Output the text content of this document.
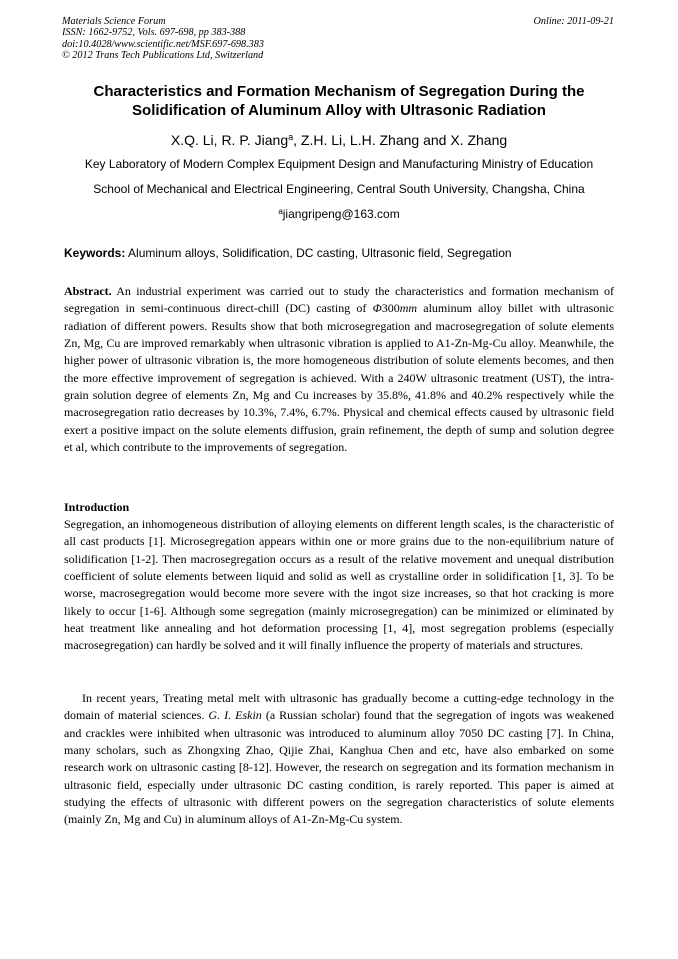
Materials Science Forum
ISSN: 1662-9752, Vols. 697-698, pp 383-388
doi:10.4028/www.scientific.net/MSF.697-698.383
© 2012 Trans Tech Publications Ltd, Switzerland
Online: 2011-09-21
Characteristics and Formation Mechanism of Segregation During the
Solidification of Aluminum Alloy with Ultrasonic Radiation
X.Q. Li, R. P. Jiang$^a$, Z.H. Li, L.H. Zhang and X. Zhang
Key Laboratory of Modern Complex Equipment Design and Manufacturing Ministry of Education
School of Mechanical and Electrical Engineering, Central South University, Changsha, China
$^a$jiangripeng@163.com
Keywords: Aluminum alloys, Solidification, DC casting, Ultrasonic field, Segregation
Abstract. An industrial experiment was carried out to study the characteristics and formation mechanism of segregation in semi-continuous direct-chill (DC) casting of Φ300mm aluminum alloy billet with ultrasonic radiation of different powers. Results show that both microsegregation and macrosegregation of solute elements Zn, Mg, Cu are improved remarkably when ultrasonic vibration is applied to A1-Zn-Mg-Cu alloy. Meanwhile, the higher power of ultrasonic vibration is, the more homogeneous distribution of solute elements becomes, and then the more effective improvement of segregation is achieved. With a 240W ultrasonic treatment (UST), the intra-grain solution degree of elements Zn, Mg and Cu increases by 35.8%, 41.8% and 40.2% respectively while the macrosegregation ratio decreases by 10.3%, 7.4%, 6.7%. Physical and chemical effects caused by ultrasonic field exert a positive impact on the solute elements diffusion, grain refinement, the depth of sump and solution degree et al, which contribute to the improvements of segregation.
Introduction

Segregation, an inhomogeneous distribution of alloying elements on different length scales, is the characteristic of all cast products [1]. Microsegregation appears within one or more grains due to the non-equilibrium nature of solidification [1-2]. Then macrosegregation occurs as a result of the relative movement and unequal distribution coefficient of solute elements between liquid and solid as well as crystalline order in solidification [1, 3]. To be worse, macrosegregation would become more severe with the ingot size increases, so that hot cracking is more likely to occur [1-6]. Although some segregation (mainly microsegregation) can be minimized or eliminated by heat treatment like annealing and hot deformation processing [1, 4], most segregation problems (especially macrosegregation) can hardly be solved and it will finally influence the property of materials and structures.

In recent years, Treating metal melt with ultrasonic has gradually become a cutting-edge technology in the domain of material sciences. G. I. Eskin (a Russian scholar) found that the segregation of ingots was weakened and crackles were inhibited when ultrasonic was introduced to aluminum alloy 7050 DC casting [7]. In China, many scholars, such as Zhongxing Zhao, Qijie Zhai, Kanghua Chen and etc, have also embarked on some research work on ultrasonic casting [8-12]. However, the research on segregation and its formation mechanism in ultrasonic field, especially under ultrasonic DC casting condition, is rarely reported. This paper is aimed at studying the effects of ultrasonic with different powers on the segregation characteristics of solute elements (mainly Zn, Mg and Cu) in aluminum alloys of A1-Zn-Mg-Cu system.
